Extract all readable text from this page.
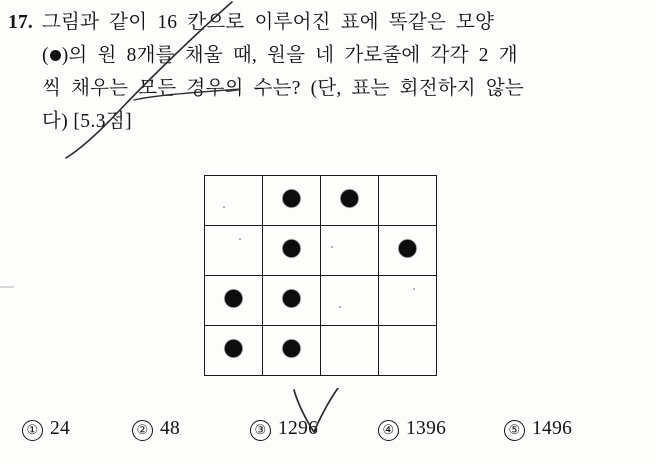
17. 그림과 같이 16 칸으로 이루어진 표에 똑같은 모양
( )의 원 8개를 채울 때, 원을 네 가로줄에 각각 2 개
씩 채우는 모든 경우의 수는? (단, 표는 회전하지 않는
다) [5.3점]

① 24	② 48	③ 1296	④ 1396	⑤ 1496
